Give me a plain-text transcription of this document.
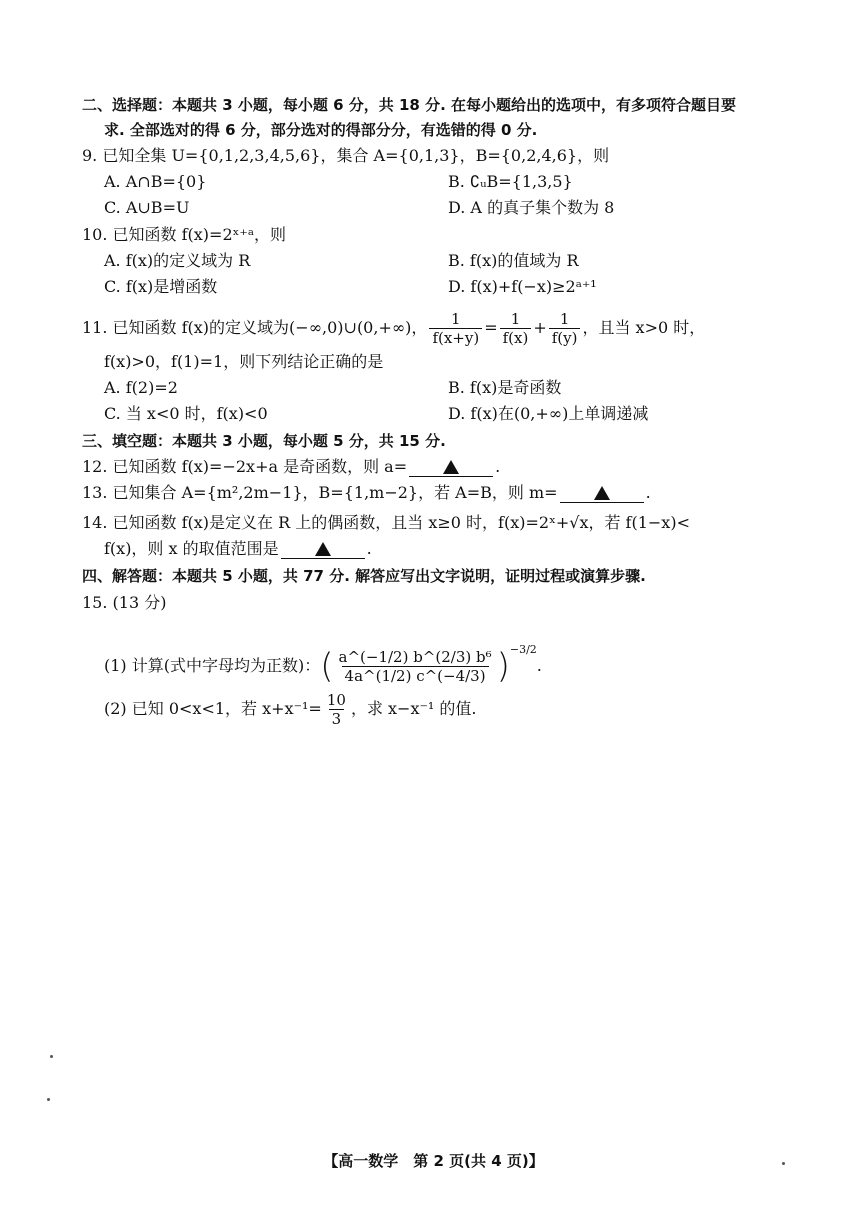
二、选择题：本题共 3 小题，每小题 6 分，共 18 分. 在每小题给出的选项中，有多项符合题目要
求. 全部选对的得 6 分，部分选对的得部分分，有选错的得 0 分.
9. 已知全集 U={0,1,2,3,4,5,6}，集合 A={0,1,3}，B={0,2,4,6}，则
A. A∩B={0}	B. ∁ᵤB={1,3,5}
C. A∪B=U	D. A 的真子集个数为 8
10. 已知函数 f(x)=2ˣ⁺ᵃ，则
A. f(x)的定义域为 R	B. f(x)的值域为 R
C. f(x)是增函数	D. f(x)+f(−x)≥2ᵃ⁺¹
11. 已知函数 f(x)的定义域为(−∞,0)∪(0,+∞)， $\frac{1}{f(x+y)} = \frac{1}{f(x)} + \frac{1}{f(y)}$ ，且当 x>0 时，
f(x)>0，f(1)=1，则下列结论正确的是
A. f(2)=2	B. f(x)是奇函数
C. 当 x<0 时，f(x)<0	D. f(x)在(0,+∞)上单调递减
三、填空题：本题共 3 小题，每小题 5 分，共 15 分.
12. 已知函数 f(x)=−2x+a 是奇函数，则 a=	.
13. 已知集合 A={m²,2m−1}，B={1,m−2}，若 A=B，则 m=	.
14. 已知函数 f(x)是定义在 R 上的偶函数，且当 x≥0 时，f(x)=2ˣ+√x，若 f(1−x)<
f(x)，则 x 的取值范围是	.
四、解答题：本题共 5 小题，共 77 分. 解答应写出文字说明，证明过程或演算步骤.
15. (13 分)
(1) 计算(式中字母均为正数)：( $\frac{\text{a\textasciicircum{}(−1/2) b\textasciicircum{}(2/3) b⁶}}{4a\^{}(1/2) c\^{}(-4/3)} )^{-3/2}$.
(2) 已知 0<x<1，若 $x+x^{-1}= \frac{10}{3}$ ，求 x−x⁻¹ 的值.
【高一数学　第 2 页(共 4 页)】
